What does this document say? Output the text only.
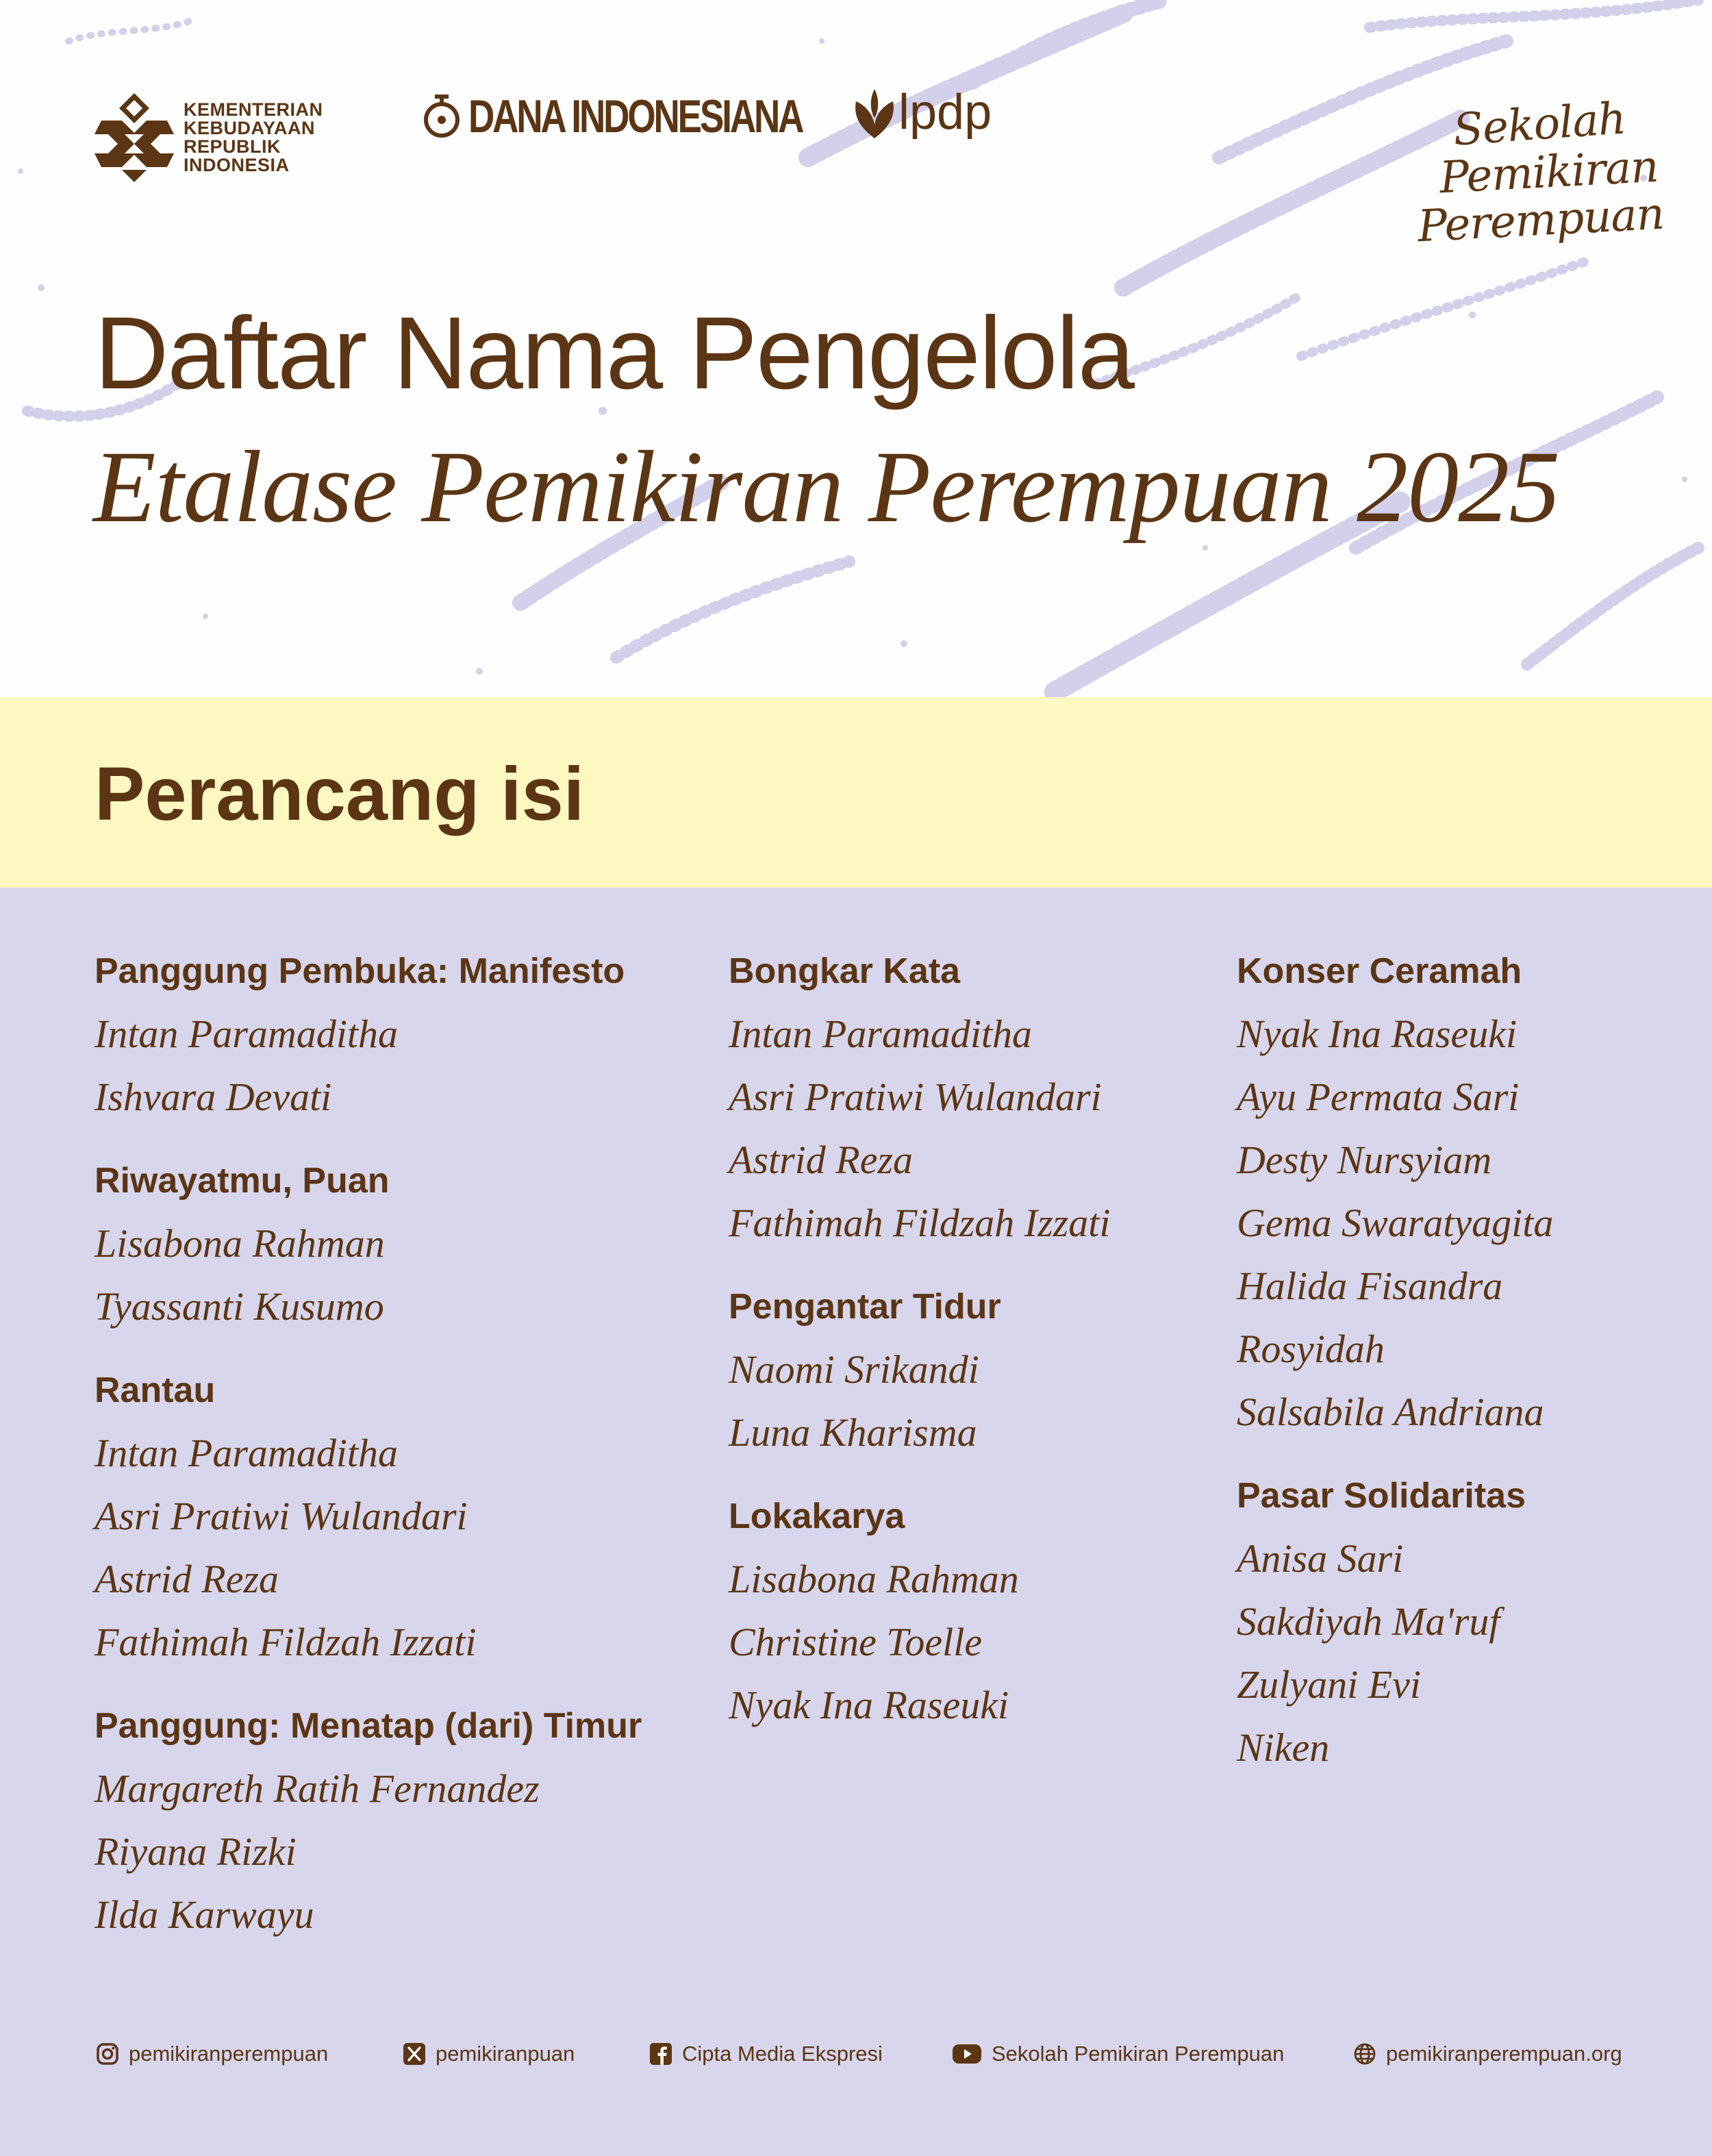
KEMENTERIAN
KEBUDAYAAN
REPUBLIK
INDONESIA
DANA INDONESIANA lpdp	Sekolah
Pemikiran
Perempuan
Daftar Nama Pengelola
Etalase Pemikiran Perempuan 2025
Perancang isi
Panggung Pembuka: Manifesto
Intan Paramaditha
Ishvara Devati
Riwayatmu, Puan
Lisabona Rahman
Tyassanti Kusumo
Rantau
Intan Paramaditha
Asri Pratiwi Wulandari
Astrid Reza
Fathimah Fildzah Izzati
Panggung: Menatap (dari) Timur
Margareth Ratih Fernandez
Riyana Rizki
Ilda Karwayu
Bongkar Kata
Intan Paramaditha
Asri Pratiwi Wulandari
Astrid Reza
Fathimah Fildzah Izzati
Pengantar Tidur
Naomi Srikandi
Luna Kharisma
Lokakarya
Lisabona Rahman
Christine Toelle
Nyak Ina Raseuki
Konser Ceramah
Nyak Ina Raseuki
Ayu Permata Sari
Desty Nursyiam
Gema Swaratyagita
Halida Fisandra
Rosyidah
Salsabila Andriana
Pasar Solidaritas
Anisa Sari
Sakdiyah Ma'ruf
Zulyani Evi
Niken
pemikiranperempuan	pemikiranpuan	Cipta Media Ekspresi	Sekolah Pemikiran Perempuan	pemikiranperempuan.org
